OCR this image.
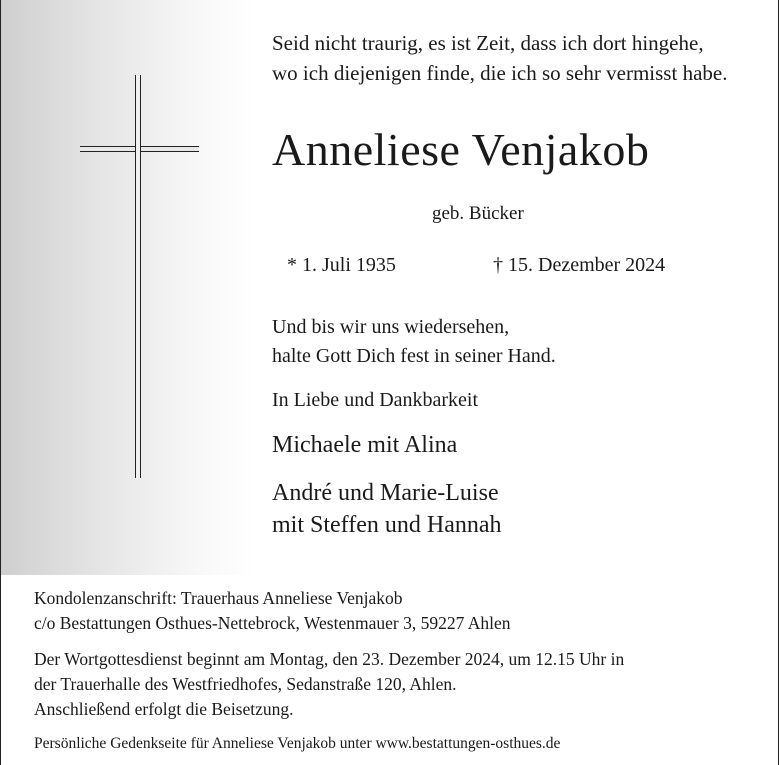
Seid nicht traurig, es ist Zeit, dass ich dort hingehe,
wo ich diejenigen finde, die ich so sehr vermisst habe.
Anneliese Venjakob
geb. Bücker
* 1. Juli 1935	† 15. Dezember 2024
Und bis wir uns wiedersehen,
halte Gott Dich fest in seiner Hand.
In Liebe und Dankbarkeit
Michaele mit Alina
André und Marie-Luise
mit Steffen und Hannah
Kondolenzanschrift: Trauerhaus Anneliese Venjakob
c/o Bestattungen Osthues-Nettebrock, Westenmauer 3, 59227 Ahlen
Der Wortgottesdienst beginnt am Montag, den 23. Dezember 2024, um 12.15 Uhr in
der Trauerhalle des Westfriedhofes, Sedanstraße 120, Ahlen.
Anschließend erfolgt die Beisetzung.
Persönliche Gedenkseite für Anneliese Venjakob unter www.bestattungen-osthues.de
